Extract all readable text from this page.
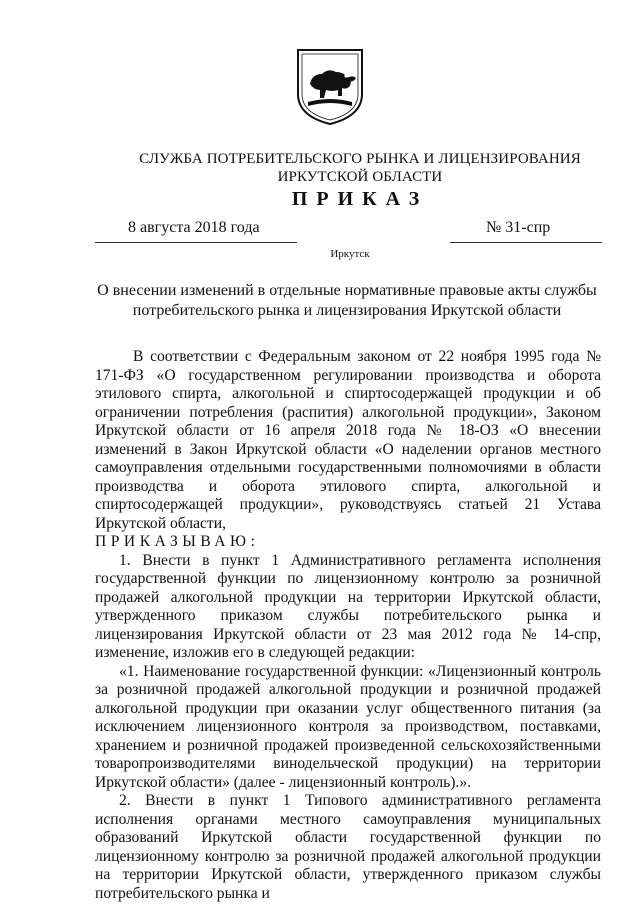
СЛУЖБА ПОТРЕБИТЕЛЬСКОГО РЫНКА И ЛИЦЕНЗИРОВАНИЯ
ИРКУТСКОЙ ОБЛАСТИ
ПРИКАЗ
8 августа 2018 года	№ 31-спр
Иркутск
О внесении изменений в отдельные нормативные правовые акты службы потребительского рынка и лицензирования Иркутской области

В соответствии с Федеральным законом от 22 ноября 1995 года № 171-ФЗ «О государственном регулировании производства и оборота этилового спирта, алкогольной и спиртосодержащей продукции и об ограничении потребления (распития) алкогольной продукции», Законом Иркутской области от 16 апреля 2018 года № 18-ОЗ «О внесении изменений в Закон Иркутской области «О наделении органов местного самоуправления отдельными государственными полномочиями в области производства и оборота этилового спирта, алкогольной и спиртосодержащей продукции», руководствуясь статьей 21 Устава Иркутской области,

ПРИКАЗЫВАЮ:

1. Внести в пункт 1 Административного регламента исполнения государственной функции по лицензионному контролю за розничной продажей алкогольной продукции на территории Иркутской области, утвержденного приказом службы потребительского рынка и лицензирования Иркутской области от 23 мая 2012 года № 14-спр, изменение, изложив его в следующей редакции:

«1. Наименование государственной функции: «Лицензионный контроль за розничной продажей алкогольной продукции и розничной продажей алкогольной продукции при оказании услуг общественного питания (за исключением лицензионного контроля за производством, поставками, хранением и розничной продажей произведенной сельскохозяйственными товаропроизводителями винодельческой продукции) на территории Иркутской области» (далее - лицензионный контроль).».

2. Внести в пункт 1 Типового административного регламента исполнения органами местного самоуправления муниципальных образований Иркутской области государственной функции по лицензионному контролю за розничной продажей алкогольной продукции на территории Иркутской области, утвержденного приказом службы потребительского рынка и
